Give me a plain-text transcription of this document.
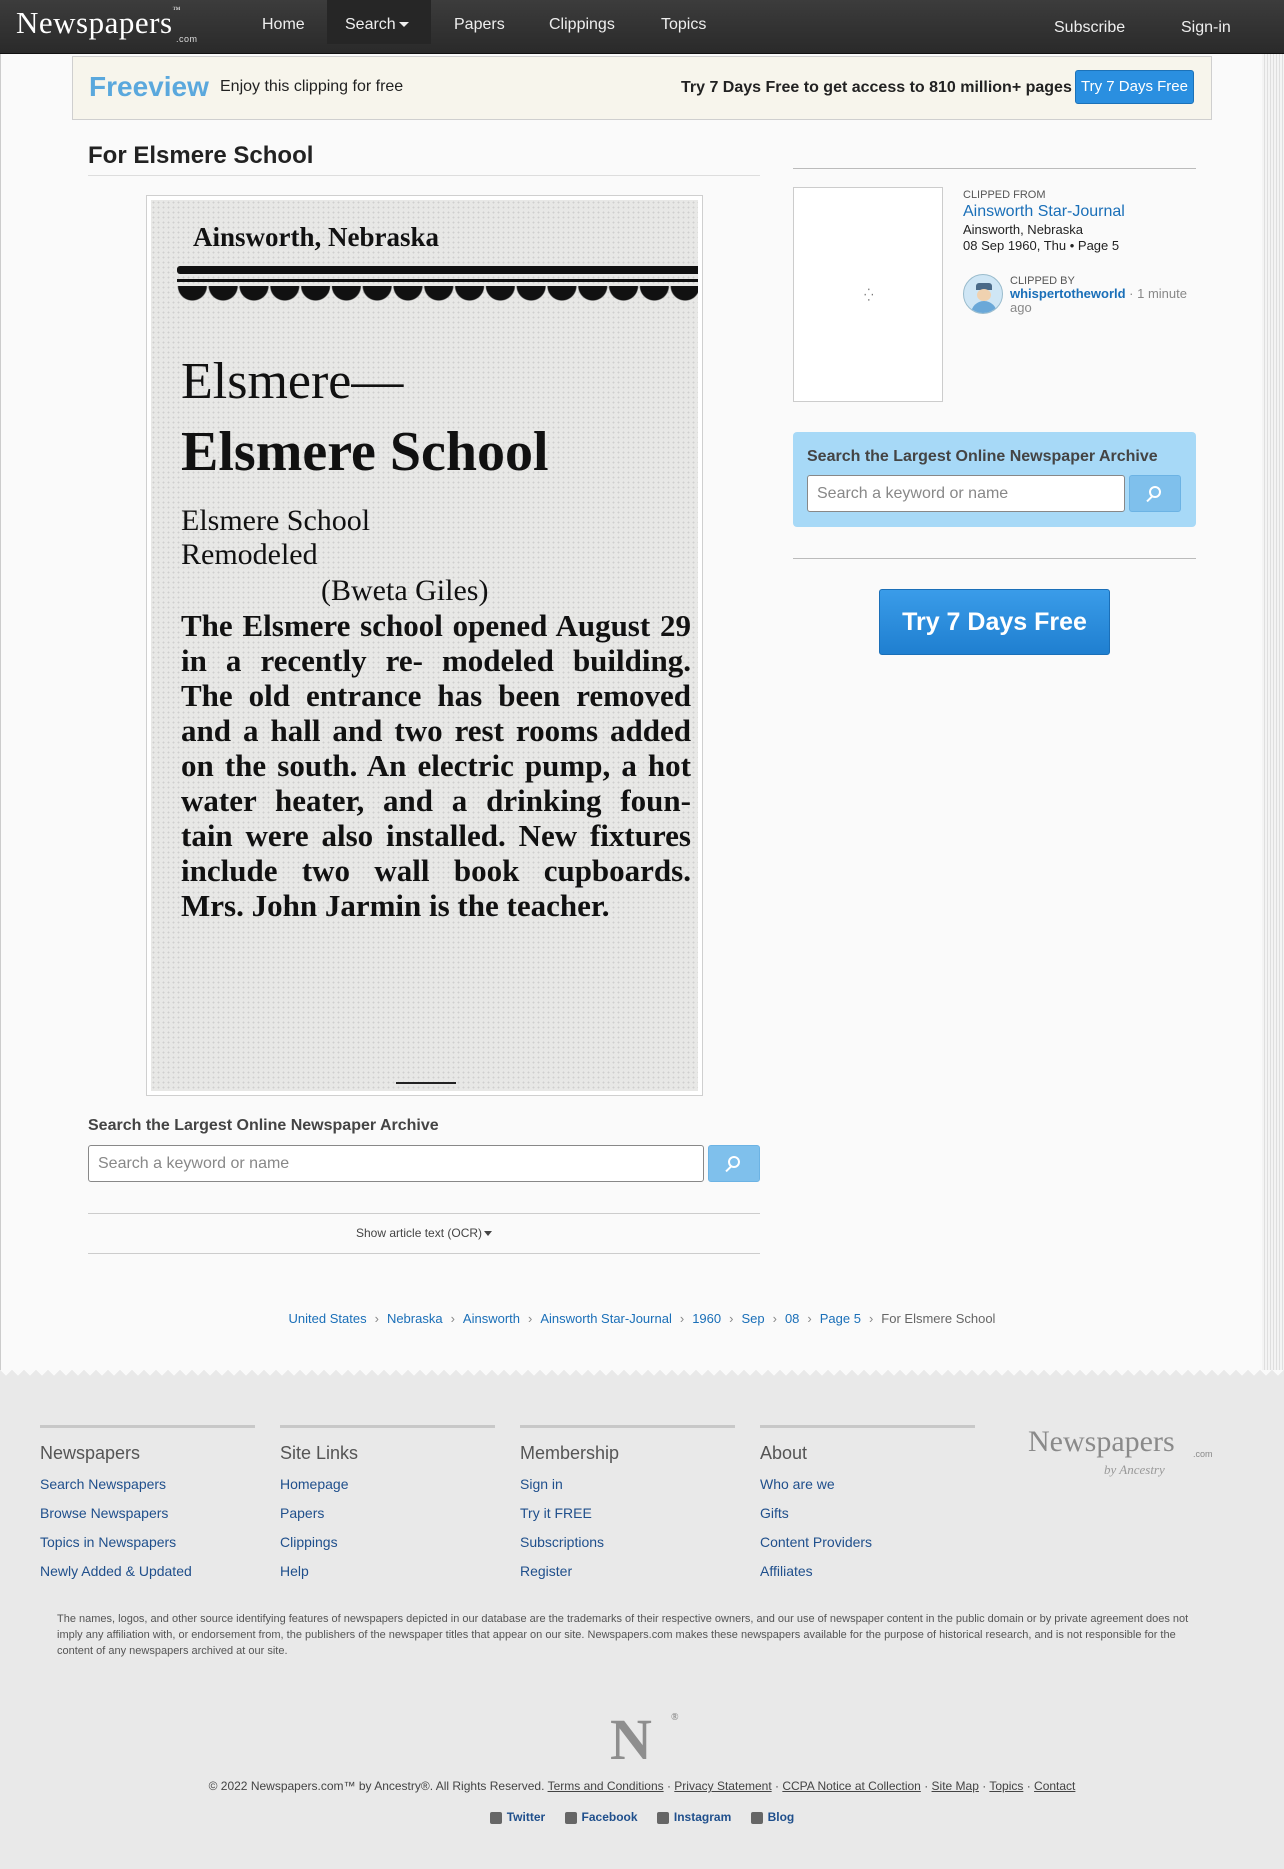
Newspapers™
.com
Home	Search	Papers	Clippings	Topics	Subscribe	Sign-in
Freeview Enjoy this clipping for free	Try 7 Days Free to get access to 810 million+ pages Try 7 Days Free
For Elsmere School
Ainsworth, Nebraska
Elsmere—
Elsmere School
Elsmere School
Remodeled
(Bweta Giles)
The Elsmere school opened August 29 in a recently re- modeled building. The old entrance has been removed and a hall and two rest rooms added on the south. An electric pump, a hot water heater, and a drinking foun- tain were also installed. New fixtures include two wall book cupboards. Mrs. John Jarmin is the teacher.
Search the Largest Online Newspaper Archive
Search a keyword or name
Show article text (OCR)
⁛
CLIPPED FROM
Ainsworth Star-Journal
Ainsworth, Nebraska
08 Sep 1960, Thu • Page 5
CLIPPED BY
whispertotheworld · 1 minute ago
Search the Largest Online Newspaper Archive
Search a keyword or name
Try 7 Days Free
United States › Nebraska › Ainsworth › Ainsworth Star-Journal › 1960 › Sep › 08 › Page 5 › For Elsmere School
Newspapers
Search Newspapers
Browse Newspapers
Topics in Newspapers
Newly Added & Updated
Site Links
Homepage
Papers
Clippings
Help
Membership
Sign in
Try it FREE
Subscriptions
Register
About
Who are we
Gifts
Content Providers
Affiliates
Newspapers .com
by Ancestry
The names, logos, and other source identifying features of newspapers depicted in our database are the trademarks of their respective owners, and our use of newspaper content in the public domain or by private agreement does not imply any affiliation with, or endorsement from, the publishers of the newspaper titles that appear on our site. Newspapers.com makes these newspapers available for the purpose of historical research, and is not responsible for the content of any newspapers archived at our site.
N ®
© 2022 Newspapers.com™ by Ancestry®. All Rights Reserved. Terms and Conditions · Privacy Statement · CCPA Notice at Collection · Site Map · Topics · Contact
Twitter	Facebook	Instagram	Blog
